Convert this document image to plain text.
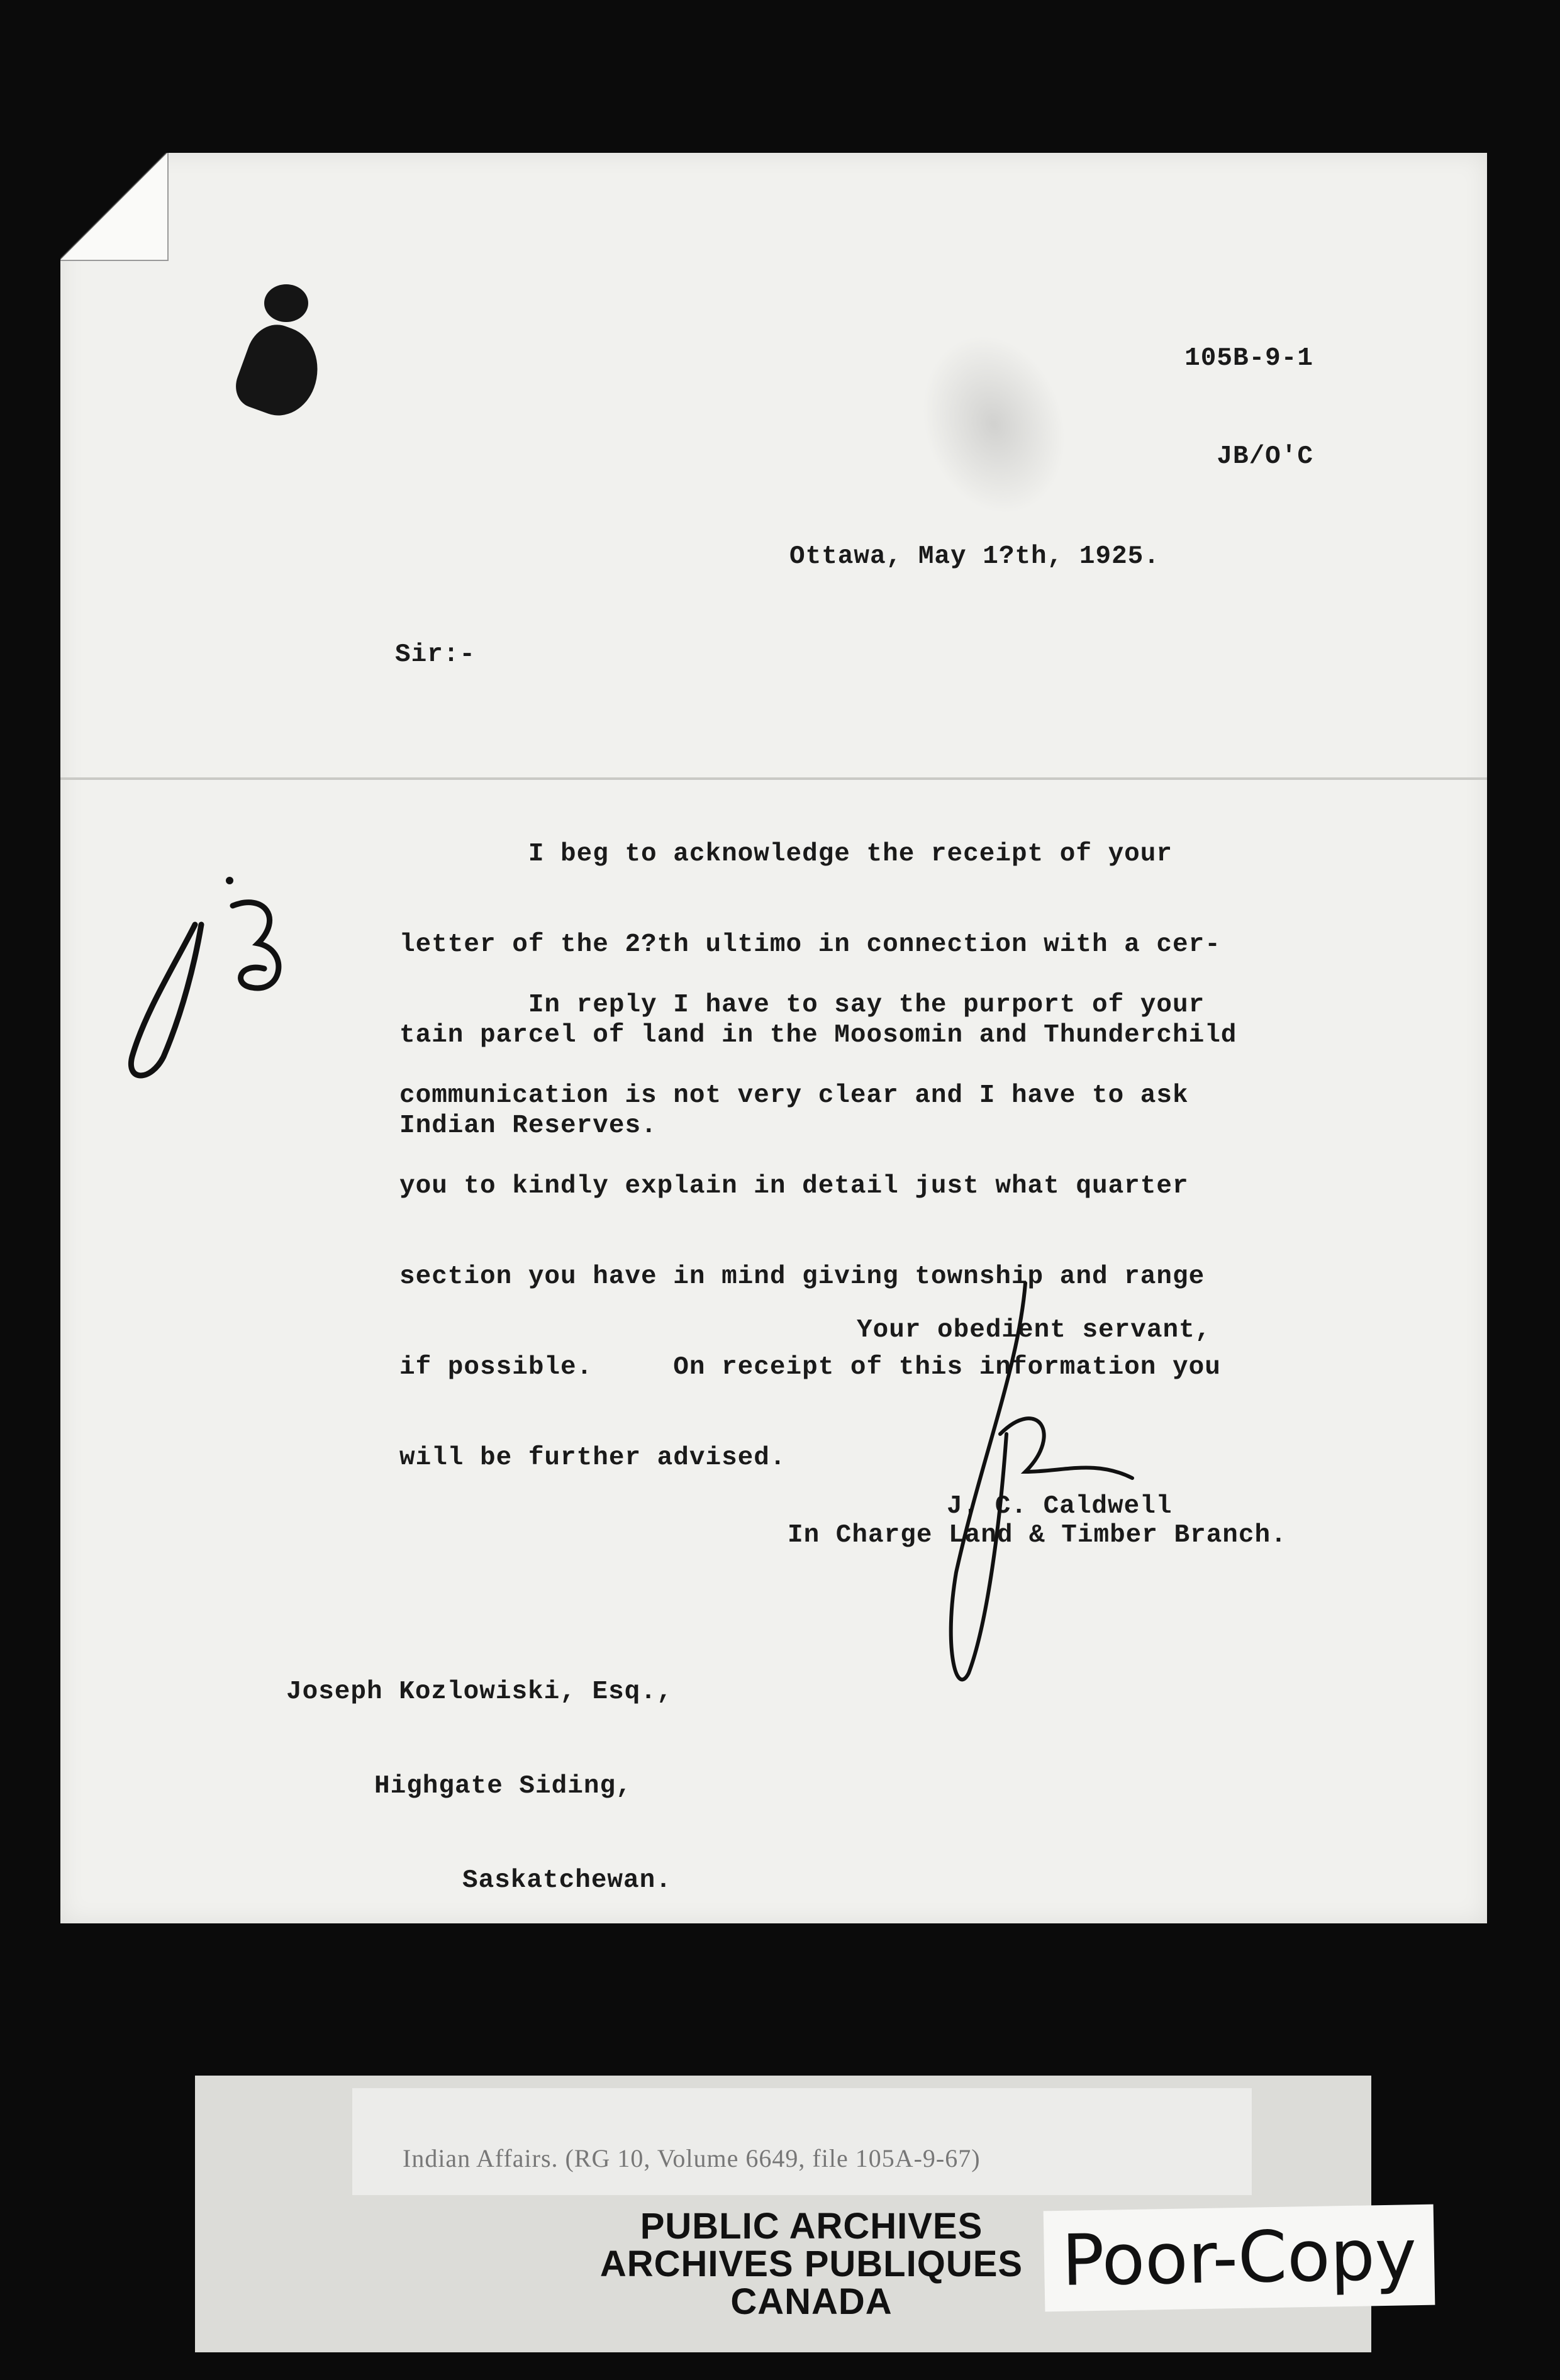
105B-9-1

JB/O'C

Ottawa, May 1?th, 1925.
Sir:-

I beg to acknowledge the receipt of your

letter of the 2?th ultimo in connection with a cer-

tain parcel of land in the Moosomin and Thunderchild

Indian Reserves.

In reply I have to say the purport of your

communication is not very clear and I have to ask

you to kindly explain in detail just what quarter

section you have in mind giving township and range

if possible.     On receipt of this information you

will be further advised.

Your obedient servant,
J. C. Caldwell
In Charge Land & Timber Branch.

Joseph Kozlowiski, Esq.,

Highgate Siding,

Saskatchewan.

Indian Affairs. (RG 10, Volume 6649, file 105A-9-67)
PUBLIC ARCHIVES
ARCHIVES PUBLIQUES
CANADA	Poor-Copy
